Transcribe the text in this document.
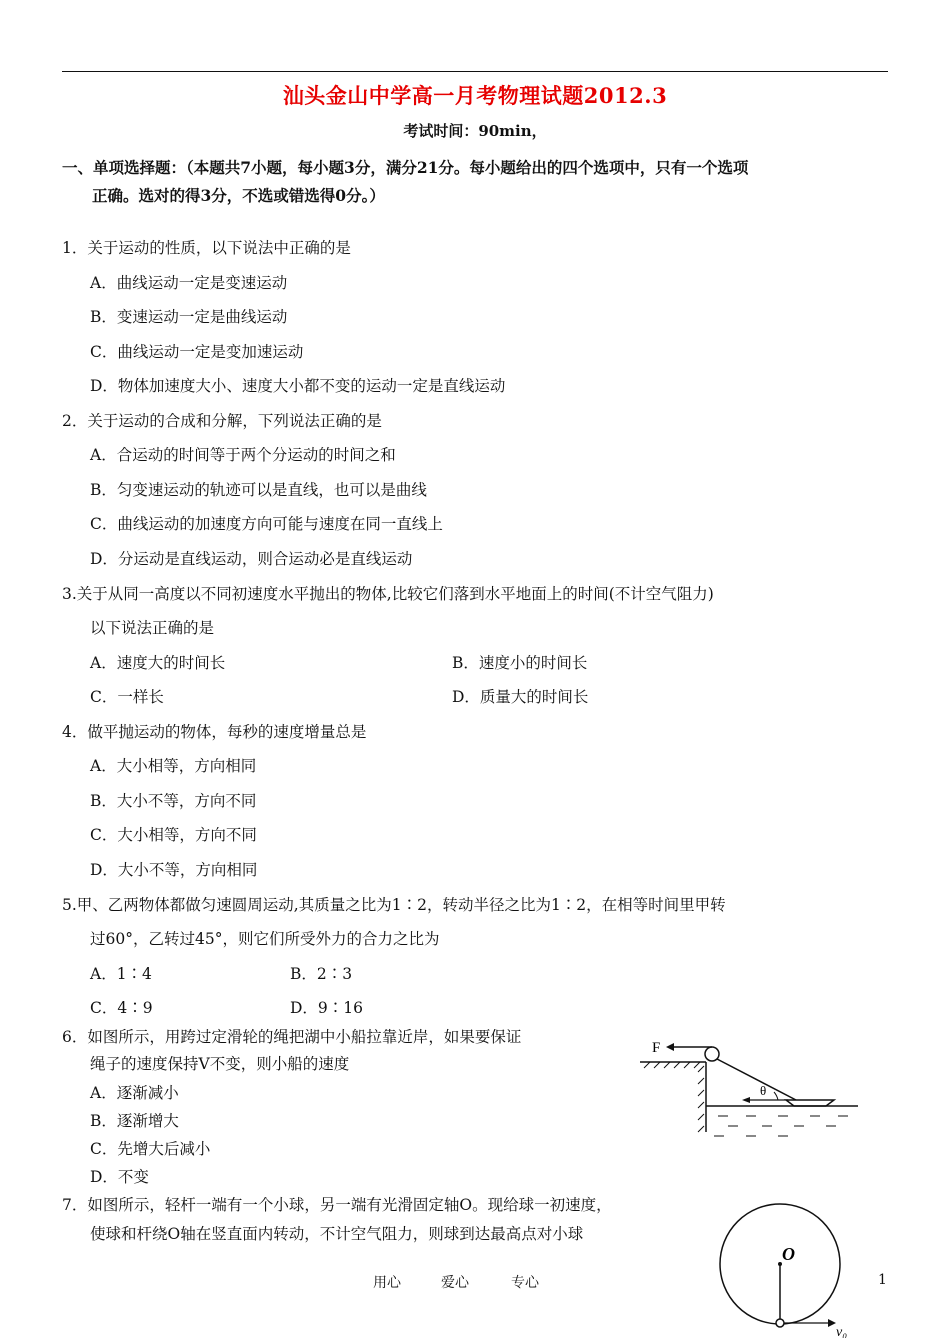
汕头金山中学高一月考物理试题2012.3
考试时间：90min，
一、单项选择题：（本题共7小题，每小题3分，满分21分。每小题给出的四个选项中，只有一个选项
正确。选对的得3分，不选或错选得0分。）
1．关于运动的性质，以下说法中正确的是
A．曲线运动一定是变速运动
B．变速运动一定是曲线运动
C．曲线运动一定是变加速运动
D．物体加速度大小、速度大小都不变的运动一定是直线运动
2．关于运动的合成和分解，下列说法正确的是
A．合运动的时间等于两个分运动的时间之和
B．匀变速运动的轨迹可以是直线，也可以是曲线
C．曲线运动的加速度方向可能与速度在同一直线上
D．分运动是直线运动，则合运动必是直线运动
3.关于从同一高度以不同初速度水平抛出的物体,比较它们落到水平地面上的时间(不计空气阻力)
以下说法正确的是
A．速度大的时间长	B．速度小的时间长
C．一样长	D．质量大的时间长
4．做平抛运动的物体，每秒的速度增量总是
A．大小相等，方向相同
B．大小不等，方向不同
C．大小相等，方向不同
D．大小不等，方向相同
5.甲、乙两物体都做匀速圆周运动,其质量之比为1∶2，转动半径之比为1∶2，在相等时间里甲转
过60°，乙转过45°，则它们所受外力的合力之比为
A．1∶4	B．2∶3
C．4∶9	D．9∶16
6．如图所示，用跨过定滑轮的绳把湖中小船拉靠近岸，如果要保证
绳子的速度保持V不变，则小船的速度
A．逐渐减小
B．逐渐增大
C．先增大后减小
D．不变
7．如图所示，轻杆一端有一个小球，另一端有光滑固定轴O。现给球一初速度，
使球和杆绕O轴在竖直面内转动，不计空气阻力，则球到达最高点对小球
F
θ
O
v₀
用心	爱心	专心	1
